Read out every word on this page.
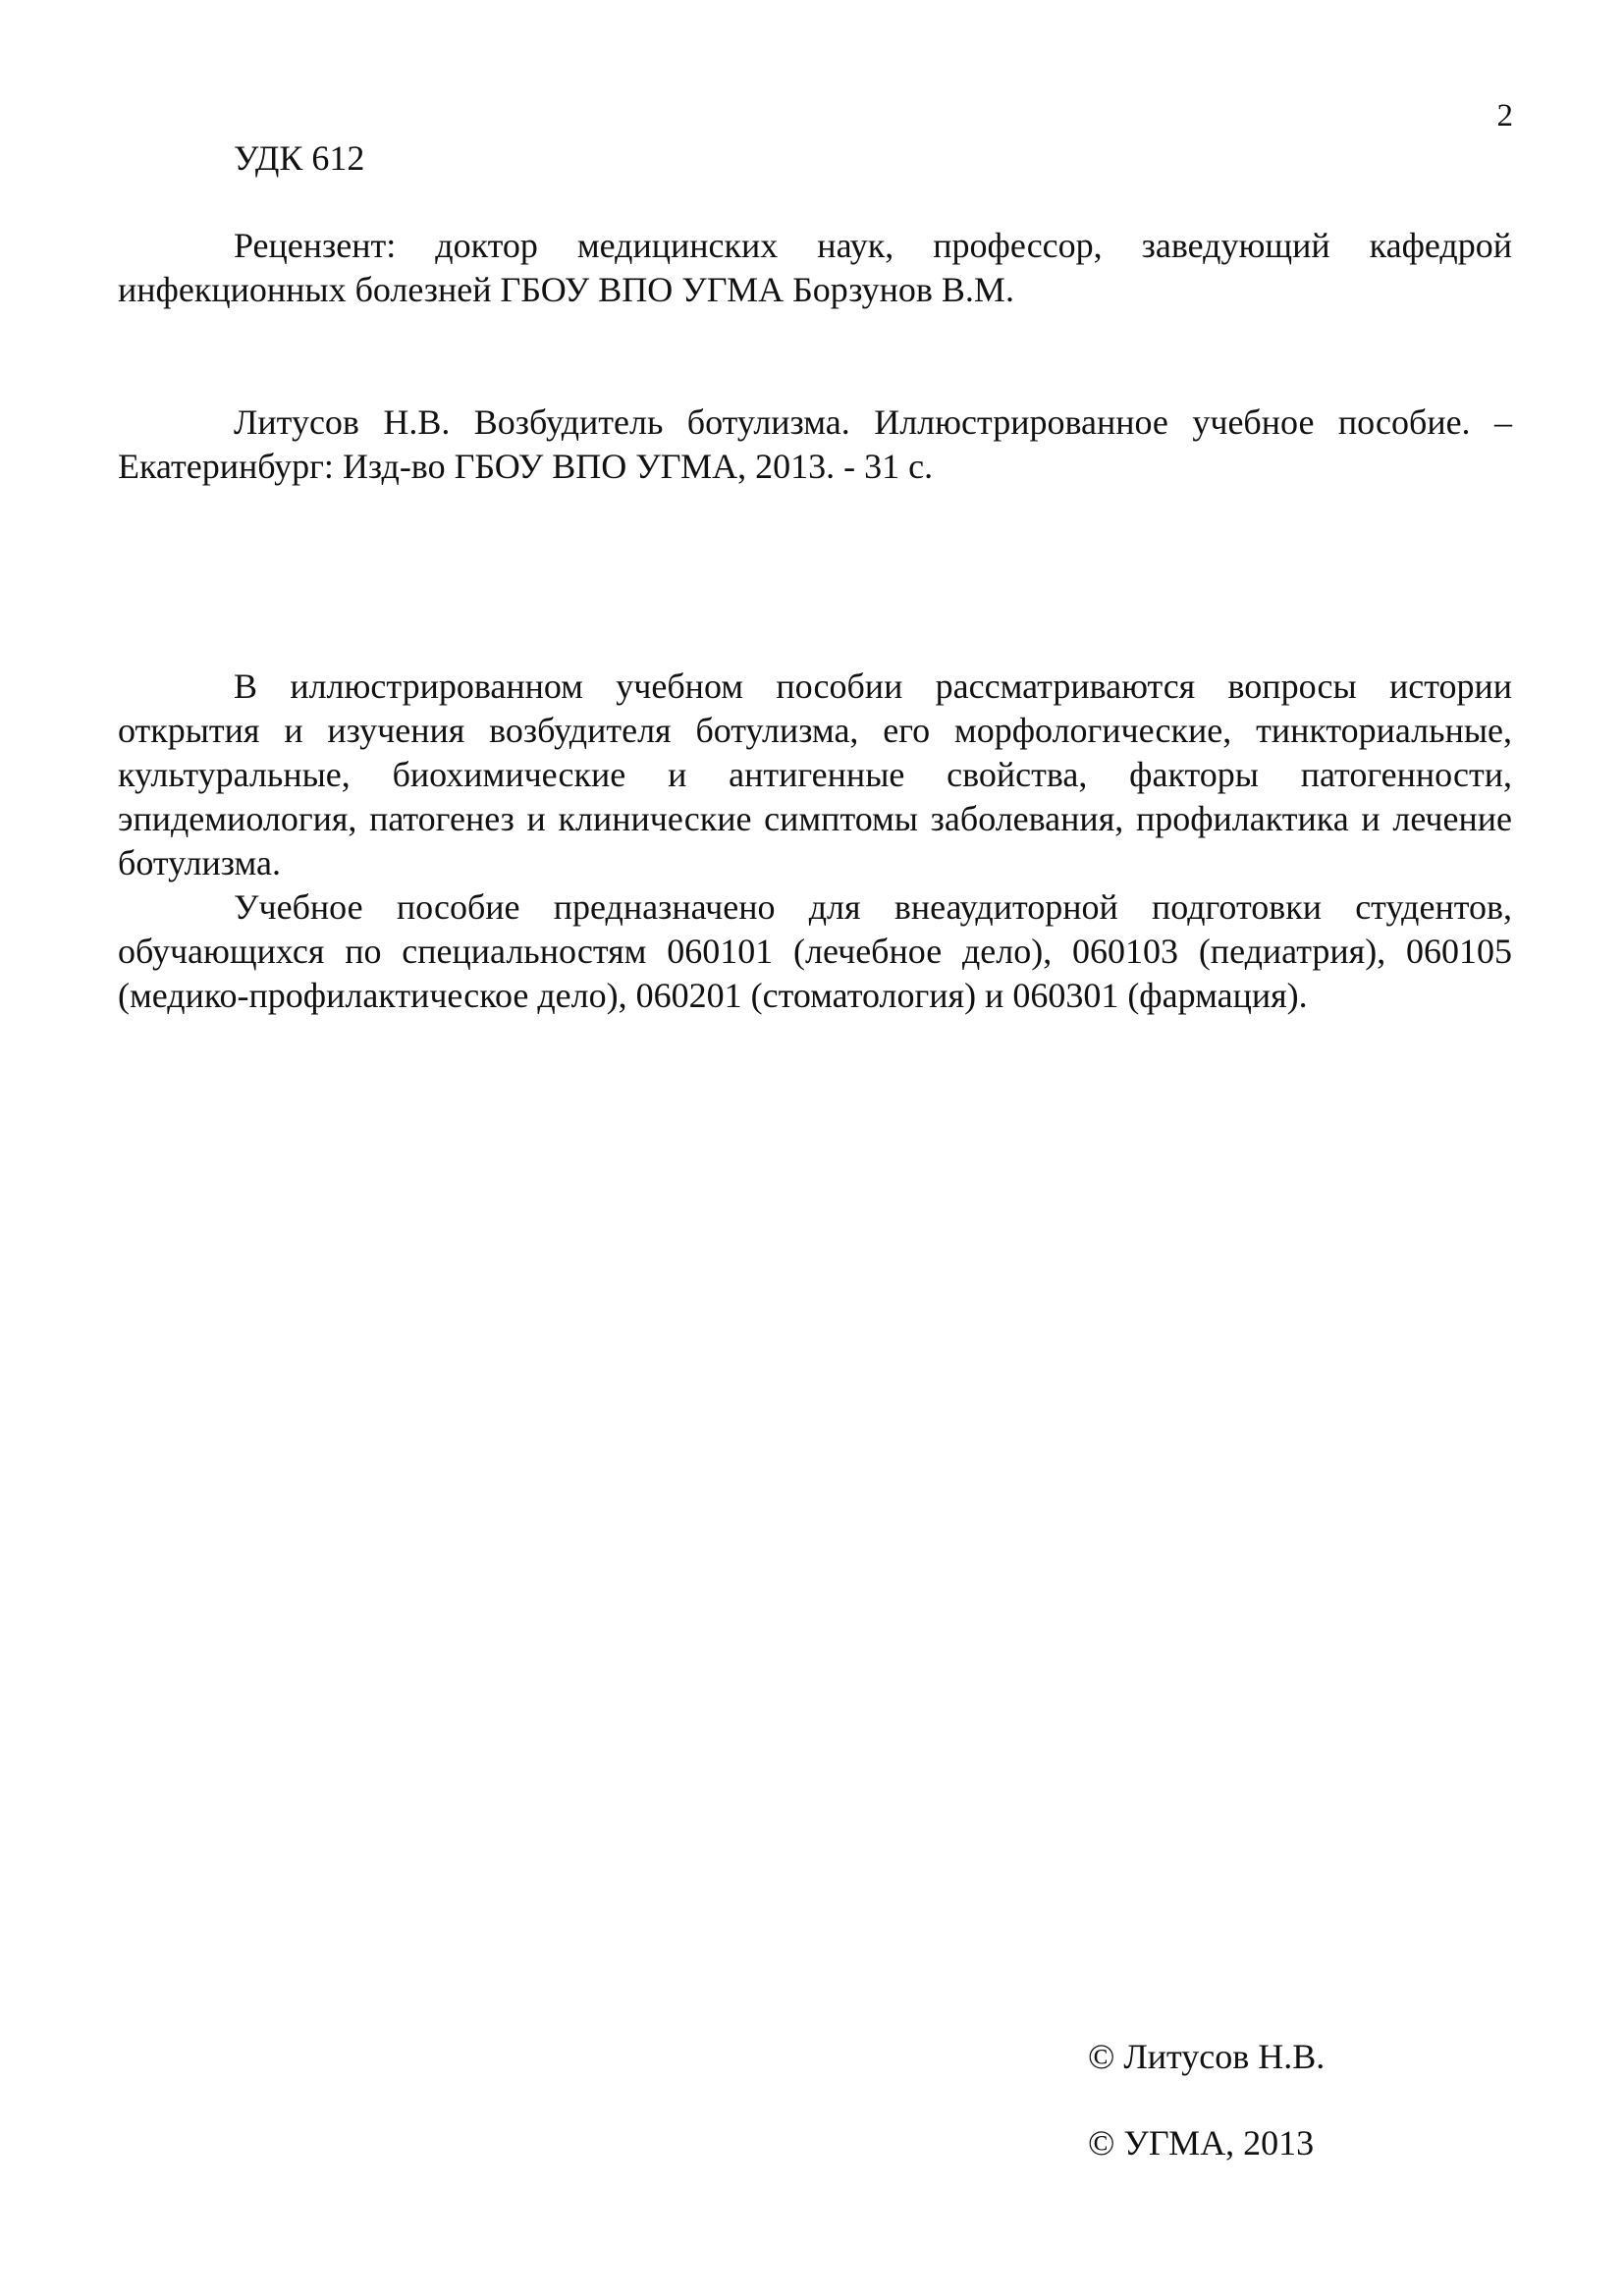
2
УДК 612

Рецензент: доктор медицинских наук, профессор, заведующий кафедрой инфекционных болезней ГБОУ ВПО УГМА Борзунов В.М.

Литусов Н.В. Возбудитель ботулизма. Иллюстрированное учебное пособие. – Екатеринбург: Изд-во ГБОУ ВПО УГМА, 2013. - 31 с.

В иллюстрированном учебном пособии рассматриваются вопросы истории открытия и изучения возбудителя ботулизма, его морфологические, тинкториальные, культуральные, биохимические и антигенные свойства, факторы патогенности, эпидемиология, патогенез и клинические симптомы заболевания, профилактика и лечение ботулизма.

Учебное пособие предназначено для внеаудиторной подготовки студентов, обучающихся по специальностям 060101 (лечебное дело), 060103 (педиатрия), 060105 (медико-профилактическое дело), 060201 (стоматология) и 060301 (фармация).

© Литусов Н.В.
© УГМА, 2013
